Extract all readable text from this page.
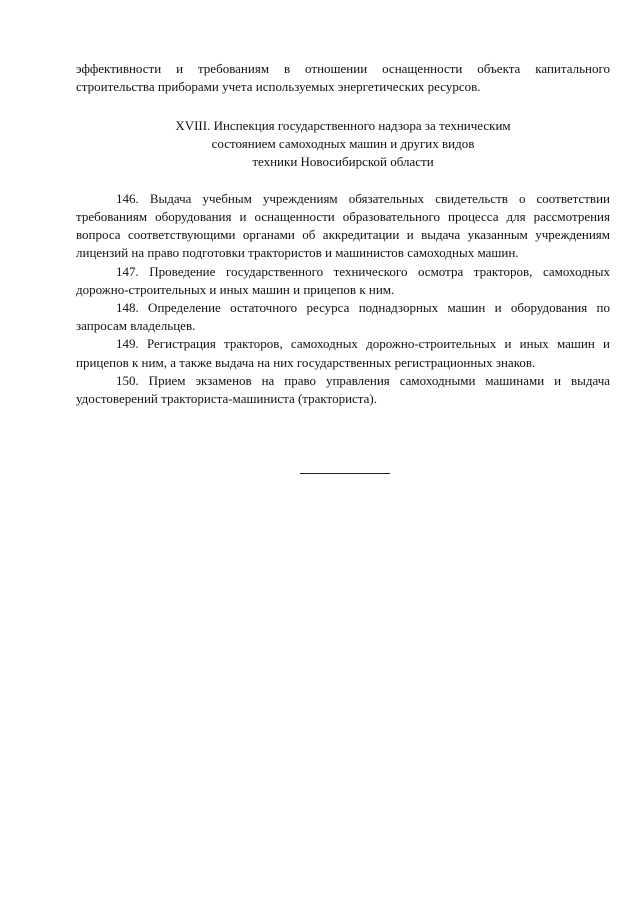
эффективности и требованиям в отношении оснащенности объекта капитального строительства приборами учета используемых энергетических ресурсов.

XVIII. Инспекция государственного надзора за техническим
состоянием самоходных машин и других видов
техники Новосибирской области

146. Выдача учебным учреждениям обязательных свидетельств о соответствии требованиям оборудования и оснащенности образовательного процесса для рассмотрения вопроса соответствующими органами об аккредитации и выдача указанным учреждениям лицензий на право подготовки трактористов и машинистов самоходных машин.

147. Проведение государственного технического осмотра тракторов, самоходных дорожно-строительных и иных машин и прицепов к ним.

148. Определение остаточного ресурса поднадзорных машин и оборудования по запросам владельцев.

149. Регистрация тракторов, самоходных дорожно-строительных и иных машин и прицепов к ним, а также выдача на них государственных регистрационных знаков.

150. Прием экзаменов на право управления самоходными машинами и выдача удостоверений тракториста-машиниста (тракториста).
